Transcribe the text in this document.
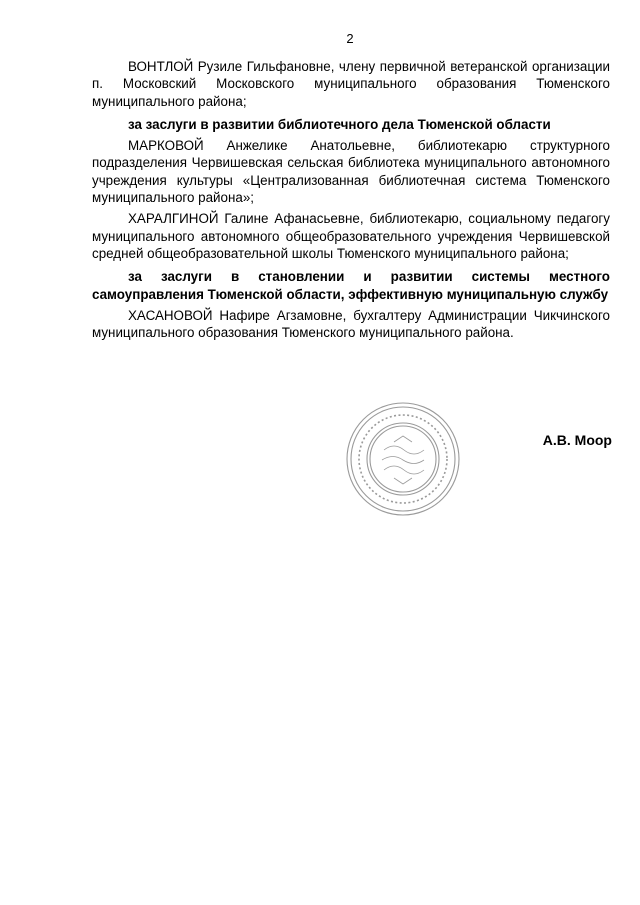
2

ВОНТЛОЙ Рузиле Гильфановне, члену первичной ветеранской организации п. Московский Московского муниципального образования Тюменского муниципального района;

за заслуги в развитии библиотечного дела Тюменской области

МАРКОВОЙ Анжелике Анатольевне, библиотекарю структурного подразделения Червишевская сельская библиотека муниципального автономного учреждения культуры «Централизованная библиотечная система Тюменского муниципального района»;

ХАРАЛГИНОЙ Галине Афанасьевне, библиотекарю, социальному педагогу муниципального автономного общеобразовательного учреждения Червишевской средней общеобразовательной школы Тюменского муниципального района;

за заслуги в становлении и развитии системы местного самоуправления Тюменской области, эффективную муниципальную службу

ХАСАНОВОЙ Нафире Агзамовне, бухгалтеру Администрации Чикчинского муниципального образования Тюменского муниципального района.

А.В. Моор
